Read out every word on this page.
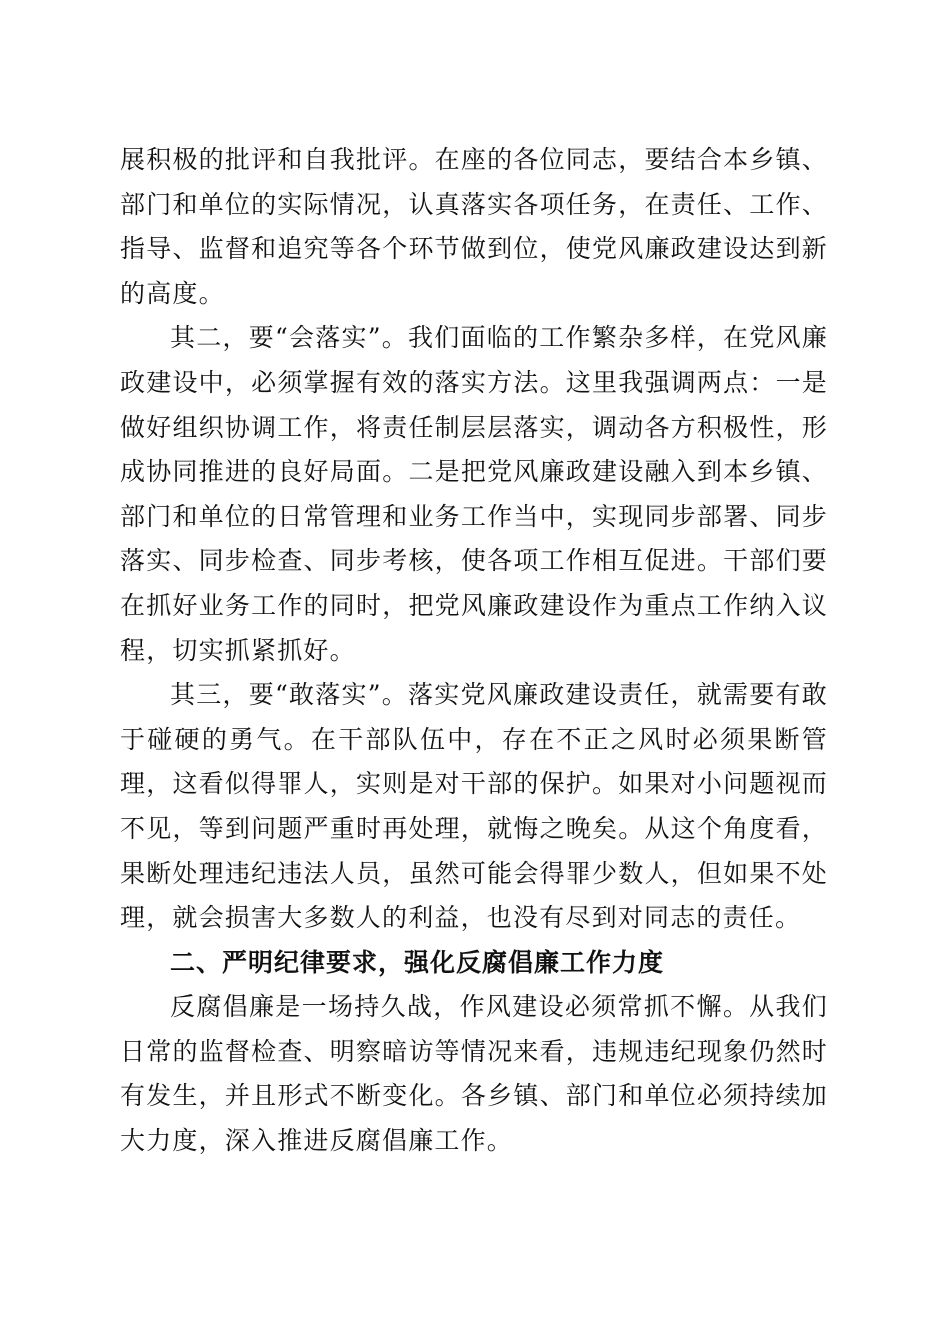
展积极的批评和自我批评。在座的各位同志，要结合本乡镇、部门和单位的实际情况，认真落实各项任务，在责任、工作、指导、监督和追究等各个环节做到位，使党风廉政建设达到新的高度。

其二，要“会落实”。我们面临的工作繁杂多样，在党风廉政建设中，必须掌握有效的落实方法。这里我强调两点：一是做好组织协调工作，将责任制层层落实，调动各方积极性，形成协同推进的良好局面。二是把党风廉政建设融入到本乡镇、部门和单位的日常管理和业务工作当中，实现同步部署、同步落实、同步检查、同步考核，使各项工作相互促进。干部们要在抓好业务工作的同时，把党风廉政建设作为重点工作纳入议程，切实抓紧抓好。

其三，要“敢落实”。落实党风廉政建设责任，就需要有敢于碰硬的勇气。在干部队伍中，存在不正之风时必须果断管理，这看似得罪人，实则是对干部的保护。如果对小问题视而不见，等到问题严重时再处理，就悔之晚矣。从这个角度看，果断处理违纪违法人员，虽然可能会得罪少数人，但如果不处理，就会损害大多数人的利益，也没有尽到对同志的责任。

二、严明纪律要求，强化反腐倡廉工作力度

反腐倡廉是一场持久战，作风建设必须常抓不懈。从我们日常的监督检查、明察暗访等情况来看，违规违纪现象仍然时有发生，并且形式不断变化。各乡镇、部门和单位必须持续加大力度，深入推进反腐倡廉工作。
